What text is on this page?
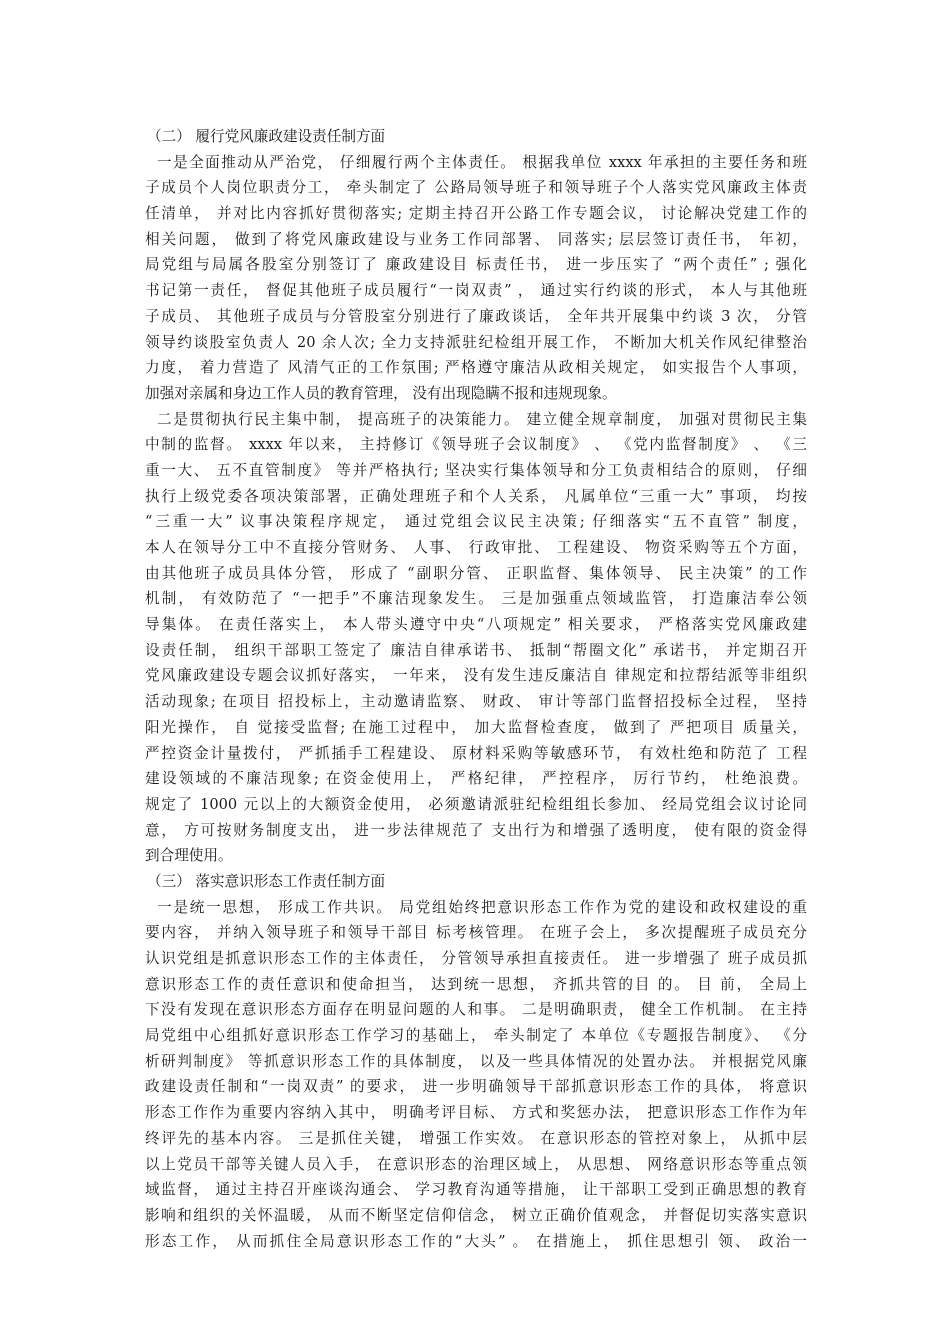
（二） 履行党风廉政建设责任制方面
一是全面推动从严治党， 仔细履行两个主体责任。 根据我单位 xxxx 年承担的主要任务和班
子成员个人岗位职责分工， 牵头制定了 公路局领导班子和领导班子个人落实党风廉政主体责
任清单， 并对比内容抓好贯彻落实; 定期主持召开公路工作专题会议， 讨论解决党建工作的
相关问题， 做到了将党风廉政建设与业务工作同部署、 同落实; 层层签订责任书， 年初，
局党组与局属各股室分别签订了 廉政建设目 标责任书， 进一步压实了 “两个责任” ; 强化
书记第一责任， 督促其他班子成员履行“一岗双责” ， 通过实行约谈的形式， 本人与其他班
子成员、 其他班子成员与分管股室分别进行了廉政谈话， 全年共开展集中约谈 3 次， 分管
领导约谈股室负责人 20 余人次; 全力支持派驻纪检组开展工作， 不断加大机关作风纪律整治
力度， 着力营造了 风清气正的工作氛围; 严格遵守廉洁从政相关规定， 如实报告个人事项，
加强对亲属和身边工作人员的教育管理， 没有出现隐瞒不报和违规现象。
二是贯彻执行民主集中制， 提高班子的决策能力。 建立健全规章制度， 加强对贯彻民主集
中制的监督。 xxxx 年以来， 主持修订《领导班子会议制度》 、 《党内监督制度》 、 《三
重一大、 五不直管制度》 等并严格执行; 坚决实行集体领导和分工负责相结合的原则， 仔细
执行上级党委各项决策部署，正确处理班子和个人关系， 凡属单位“三重一大” 事项， 均按
“三重一大” 议事决策程序规定， 通过党组会议民主决策; 仔细落实“五不直管” 制度，
本人在领导分工中不直接分管财务、 人事、 行政审批、 工程建设、 物资采购等五个方面，
由其他班子成员具体分管， 形成了 “副职分管、 正职监督、集体领导、 民主决策” 的工作
机制， 有效防范了 “一把手”不廉洁现象发生。 三是加强重点领域监管， 打造廉洁奉公领
导集体。 在责任落实上， 本人带头遵守中央“八项规定” 相关要求， 严格落实党风廉政建
设责任制， 组织干部职工签定了 廉洁自律承诺书、 抵制“帮圈文化” 承诺书， 并定期召开
党风廉政建设专题会议抓好落实， 一年来， 没有发生违反廉洁自 律规定和拉帮结派等非组织
活动现象; 在项目 招投标上，主动邀请监察、 财政、 审计等部门监督招投标全过程， 坚持
阳光操作， 自 觉接受监督; 在施工过程中， 加大监督检查度， 做到了 严把项目 质量关，
严控资金计量拨付， 严抓插手工程建设、 原材料采购等敏感环节， 有效杜绝和防范了 工程
建设领域的不廉洁现象; 在资金使用上， 严格纪律， 严控程序， 厉行节约， 杜绝浪费。
规定了 1000 元以上的大额资金使用， 必须邀请派驻纪检组组长参加、 经局党组会议讨论同
意， 方可按财务制度支出， 进一步法律规范了 支出行为和增强了透明度， 使有限的资金得
到合理使用。
（三） 落实意识形态工作责任制方面
一是统一思想， 形成工作共识。 局党组始终把意识形态工作作为党的建设和政权建设的重
要内容， 并纳入领导班子和领导干部目 标考核管理。 在班子会上， 多次提醒班子成员充分
认识党组是抓意识形态工作的主体责任， 分管领导承担直接责任。 进一步增强了 班子成员抓
意识形态工作的责任意识和使命担当， 达到统一思想， 齐抓共管的目 的。 目 前， 全局上
下没有发现在意识形态方面存在明显问题的人和事。 二是明确职责， 健全工作机制。 在主持
局党组中心组抓好意识形态工作学习的基础上， 牵头制定了 本单位《专题报告制度》、 《分
析研判制度》 等抓意识形态工作的具体制度， 以及一些具体情况的处置办法。 并根据党风廉
政建设责任制和“一岗双责” 的要求， 进一步明确领导干部抓意识形态工作的具体， 将意识
形态工作作为重要内容纳入其中， 明确考评目标、 方式和奖惩办法， 把意识形态工作作为年
终评先的基本内容。 三是抓住关键， 增强工作实效。 在意识形态的管控对象上， 从抓中层
以上党员干部等关键人员入手， 在意识形态的治理区域上， 从思想、 网络意识形态等重点领
域监督， 通过主持召开座谈沟通会、 学习教育沟通等措施， 让干部职工受到正确思想的教育
影响和组织的关怀温暖， 从而不断坚定信仰信念， 树立正确价值观念， 并督促切实落实意识
形态工作， 从而抓住全局意识形态工作的“大头” 。 在措施上， 抓住思想引 领、 政治一
